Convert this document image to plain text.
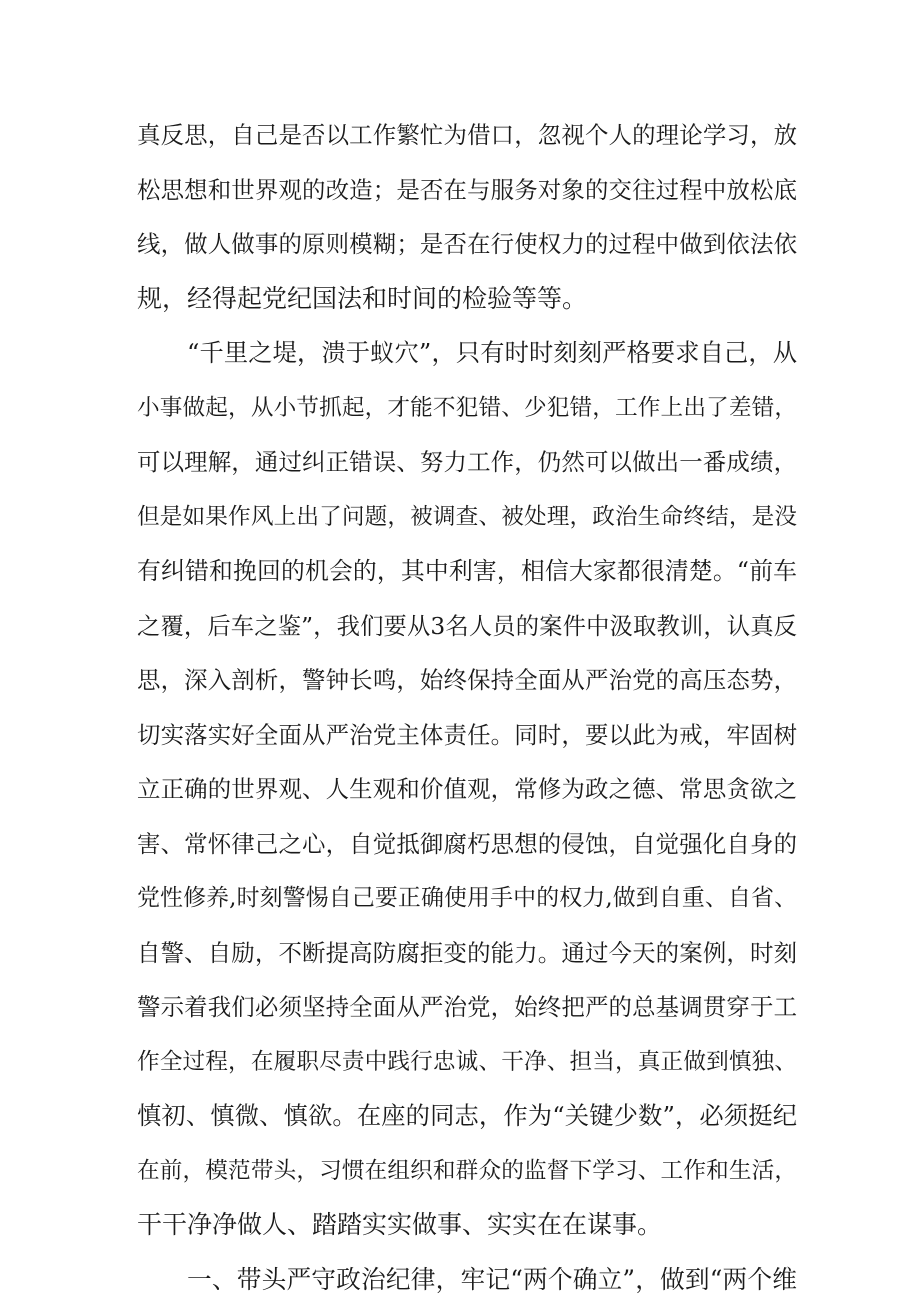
真反思，自己是否以工作繁忙为借口，忽视个人的理论学习，放
松思想和世界观的改造；是否在与服务对象的交往过程中放松底
线，做人做事的原则模糊；是否在行使权力的过程中做到依法依
规，经得起党纪国法和时间的检验等等。
“千里之堤，溃于蚁穴”，只有时时刻刻严格要求自己，从
小事做起，从小节抓起，才能不犯错、少犯错，工作上出了差错，
可以理解，通过纠正错误、努力工作，仍然可以做出一番成绩，
但是如果作风上出了问题，被调查、被处理，政治生命终结，是没
有纠错和挽回的机会的，其中利害，相信大家都很清楚。“前车
之覆，后车之鉴”，我们要从3名人员的案件中汲取教训，认真反
思，深入剖析，警钟长鸣，始终保持全面从严治党的高压态势，
切实落实好全面从严治党主体责任。同时，要以此为戒，牢固树
立正确的世界观、人生观和价值观，常修为政之德、常思贪欲之
害、常怀律己之心，自觉抵御腐朽思想的侵蚀，自觉强化自身的
党性修养,时刻警惕自己要正确使用手中的权力,做到自重、自省、
自警、自励，不断提高防腐拒变的能力。通过今天的案例，时刻
警示着我们必须坚持全面从严治党，始终把严的总基调贯穿于工
作全过程，在履职尽责中践行忠诚、干净、担当，真正做到慎独、
慎初、慎微、慎欲。在座的同志，作为“关键少数”，必须挺纪
在前，模范带头，习惯在组织和群众的监督下学习、工作和生活，
干干净净做人、踏踏实实做事、实实在在谋事。
一、带头严守政治纪律，牢记“两个确立”，做到“两个维
